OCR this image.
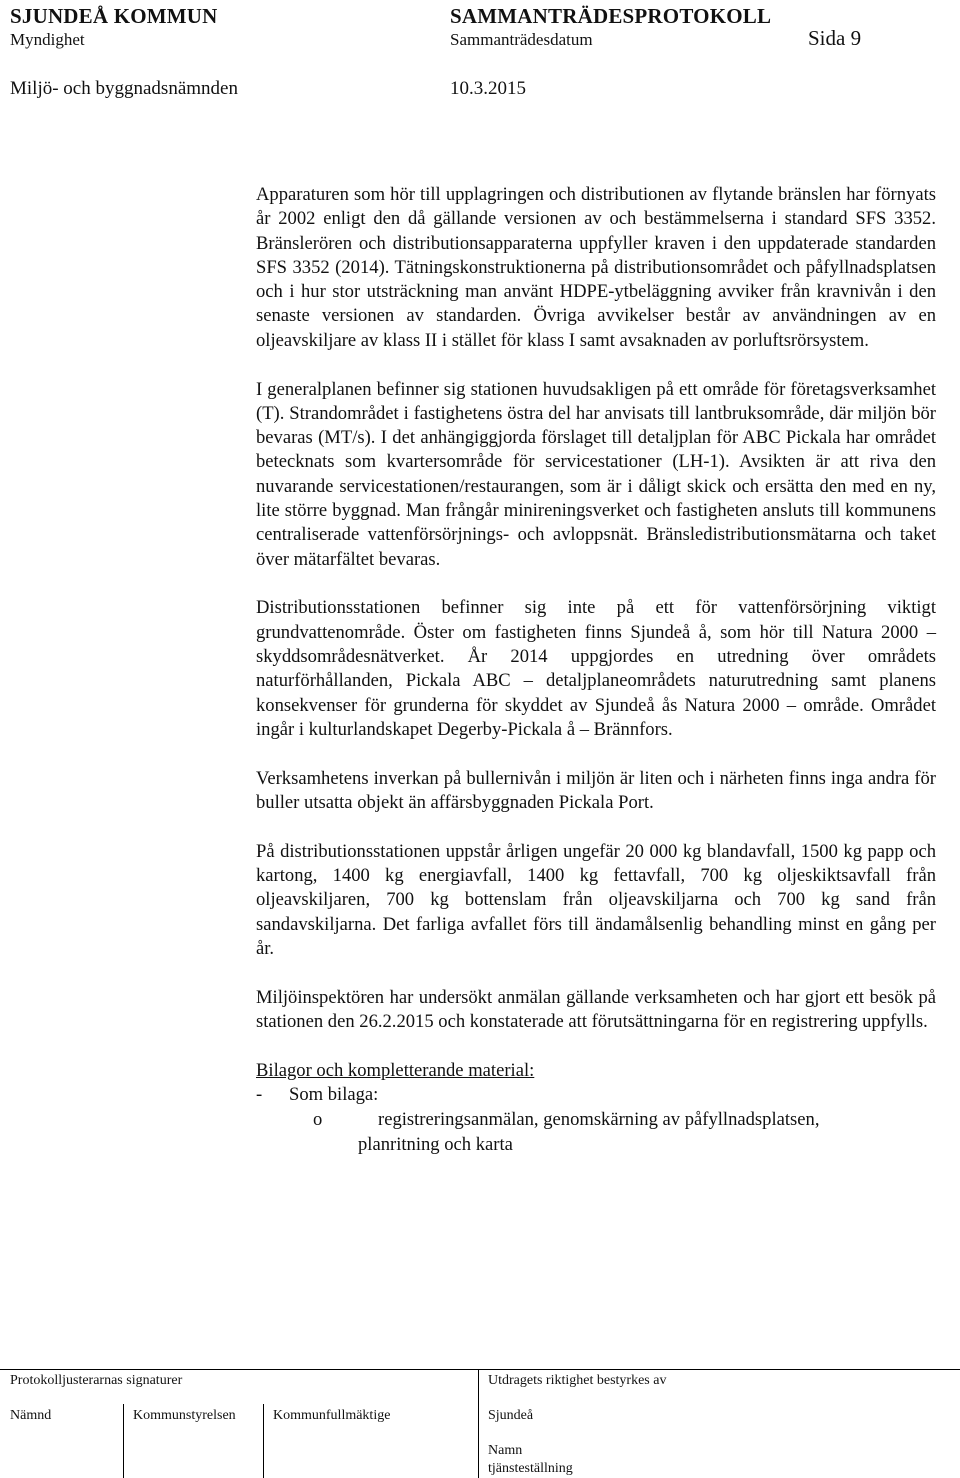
SJUNDEÅ KOMMUN	SAMMANTRÄDESPROTOKOLL
Myndighet	Sammanträdesdatum	Sida 9
Miljö- och byggnadsnämnden	10.3.2015

Apparaturen som hör till upplagringen och distributionen av flytande bränslen har förnyats år 2002 enligt den då gällande versionen av och bestämmelserna i standard SFS 3352. Bränslerören och distributionsapparaterna uppfyller kraven i den uppdaterade standarden SFS 3352 (2014). Tätningskonstruktionerna på distributionsområdet och påfyllnadsplatsen och i hur stor utsträckning man använt HDPE-ytbeläggning avviker från kravnivån i den senaste versionen av standarden. Övriga avvikelser består av användningen av en oljeavskiljare av klass II i stället för klass I samt avsaknaden av porluftsrörsystem.

I generalplanen befinner sig stationen huvudsakligen på ett område för företagsverksamhet (T). Strandområdet i fastighetens östra del har anvisats till lantbruksområde, där miljön bör bevaras (MT/s). I det anhängiggjorda förslaget till detaljplan för ABC Pickala har området betecknats som kvartersområde för servicestationer (LH-1). Avsikten är att riva den nuvarande servicestationen/restaurangen, som är i dåligt skick och ersätta den med en ny, lite större byggnad. Man frångår minireningsverket och fastigheten ansluts till kommunens centraliserade vattenförsörjnings- och avloppsnät. Bränsledistributionsmätarna och taket över mätarfältet bevaras.

Distributionsstationen befinner sig inte på ett för vattenförsörjning viktigt grundvattenområde. Öster om fastigheten finns Sjundeå å, som hör till Natura 2000 – skyddsområdesnätverket. År 2014 uppgjordes en utredning över områdets naturförhållanden, Pickala ABC – detaljplaneområdets naturutredning samt planens konsekvenser för grunderna för skyddet av Sjundeå ås Natura 2000 – område. Området ingår i kulturlandskapet Degerby-Pickala å – Brännfors.

Verksamhetens inverkan på bullernivån i miljön är liten och i närheten finns inga andra för buller utsatta objekt än affärsbyggnaden Pickala Port.

På distributionsstationen uppstår årligen ungefär 20 000 kg blandavfall, 1500 kg papp och kartong, 1400 kg energiavfall, 1400 kg fettavfall, 700 kg oljeskiktsavfall från oljeavskiljaren, 700 kg bottenslam från oljeavskiljarna och 700 kg sand från sandavskiljarna. Det farliga avfallet förs till ändamålsenlig behandling minst en gång per år.

Miljöinspektören har undersökt anmälan gällande verksamheten och har gjort ett besök på stationen den 26.2.2015 och konstaterade att förutsättningarna för en registrering uppfylls.

Bilagor och kompletterande material:
- Som bilaga:
o	registreringsanmälan, genomskärning av påfyllnadsplatsen,
planritning och karta
Protokolljusterarnas signaturer	Utdragets riktighet bestyrkes av
Nämnd	Kommunstyrelsen	Kommunfullmäktige	Sjundeå
Namn
tjänsteställning
